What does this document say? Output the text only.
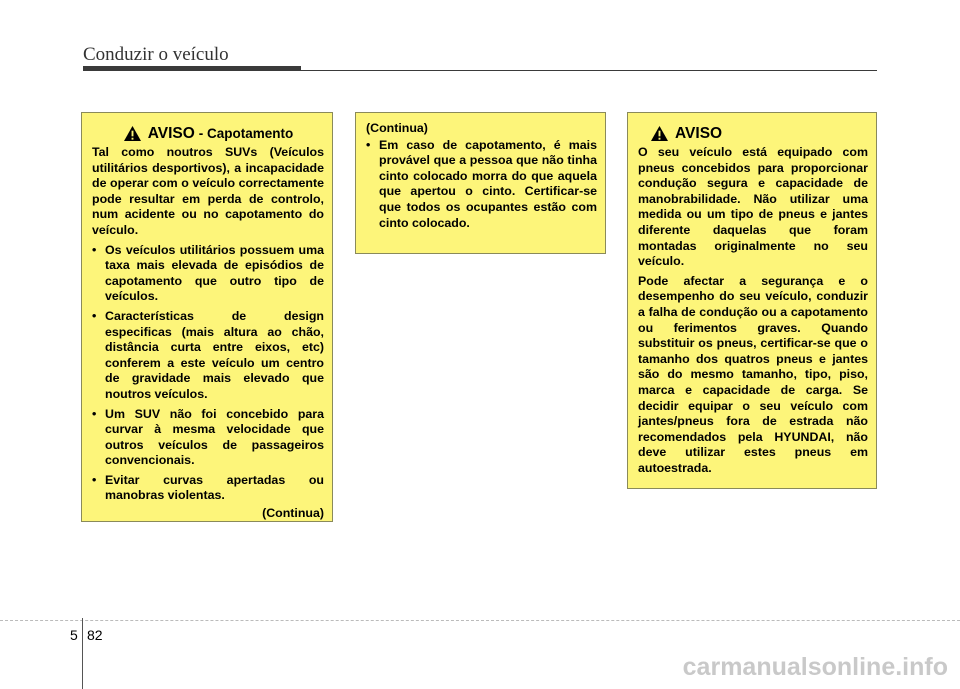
Conduzir o veículo
AVISO - Capotamento

Tal como noutros SUVs (Veículos utilitários desportivos), a incapacidade de operar com o veículo correctamente pode resultar em perda de controlo, num acidente ou no capotamento do veículo.

• Os veículos utilitários possuem uma taxa mais elevada de episódios de capotamento que outro tipo de veículos.
• Características de design especificas (mais altura ao chão, distância curta entre eixos, etc) conferem a este veículo um centro de gravidade mais elevado que noutros veículos.
• Um SUV não foi concebido para curvar à mesma velocidade que outros veículos de passageiros convencionais.
• Evitar curvas apertadas ou manobras violentas.
(Continua)

(Continua)

• Em caso de capotamento, é mais provável que a pessoa que não tinha cinto colocado morra do que aquela que apertou o cinto. Certificar-se que todos os ocupantes estão com cinto colocado.
AVISO

O seu veículo está equipado com pneus concebidos para proporcionar condução segura e capacidade de manobrabilidade. Não utilizar uma medida ou um tipo de pneus e jantes diferente daquelas que foram montadas originalmente no seu veículo.

Pode afectar a segurança e o desempenho do seu veículo, conduzir a falha de condução ou a capotamento ou ferimentos graves. Quando substituir os pneus, certificar-se que o tamanho dos quatros pneus e jantes são do mesmo tamanho, tipo, piso, marca e capacidade de carga. Se decidir equipar o seu veículo com jantes/pneus fora de estrada não recomendados pela HYUNDAI, não deve utilizar estes pneus em autoestrada.

5 82
carmanualsonline.info
